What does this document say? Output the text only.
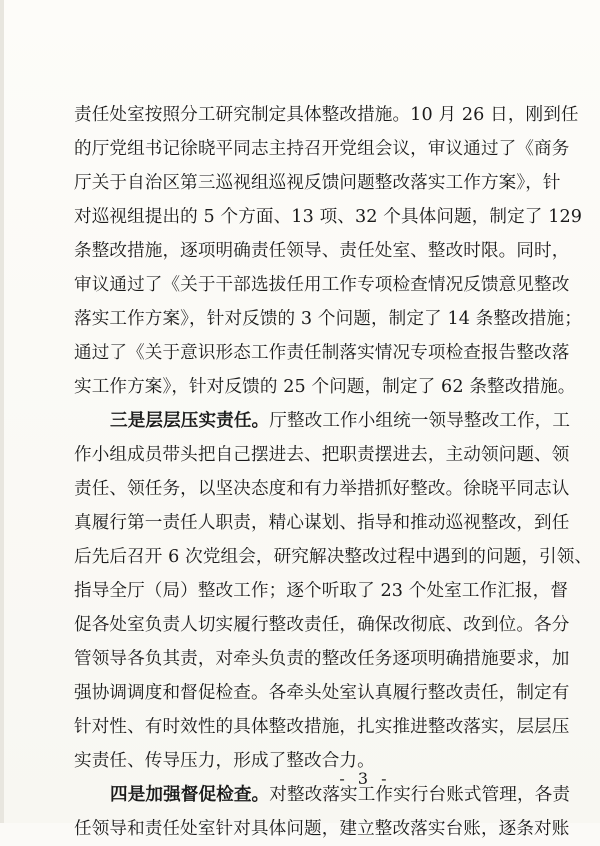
责任处室按照分工研究制定具体整改措施。10 月 26 日，刚到任
的厅党组书记徐晓平同志主持召开党组会议，审议通过了《商务
厅关于自治区第三巡视组巡视反馈问题整改落实工作方案》，针
对巡视组提出的 5 个方面、13 项、32 个具体问题，制定了 129
条整改措施，逐项明确责任领导、责任处室、整改时限。同时，
审议通过了《关于干部选拔任用工作专项检查情况反馈意见整改
落实工作方案》，针对反馈的 3 个问题，制定了 14 条整改措施；
通过了《关于意识形态工作责任制落实情况专项检查报告整改落
实工作方案》，针对反馈的 25 个问题，制定了 62 条整改措施。
三是层层压实责任。厅整改工作小组统一领导整改工作，工
作小组成员带头把自己摆进去、把职责摆进去，主动领问题、领
责任、领任务，以坚决态度和有力举措抓好整改。徐晓平同志认
真履行第一责任人职责，精心谋划、指导和推动巡视整改，到任
后先后召开 6 次党组会，研究解决整改过程中遇到的问题，引领、
指导全厅（局）整改工作；逐个听取了 23 个处室工作汇报，督
促各处室负责人切实履行整改责任，确保改彻底、改到位。各分
管领导各负其责，对牵头负责的整改任务逐项明确措施要求，加
强协调调度和督促检查。各牵头处室认真履行整改责任，制定有
针对性、有时效性的具体整改措施，扎实推进整改落实，层层压
实责任、传导压力，形成了整改合力。
四是加强督促检查。对整改落实工作实行台账式管理，各责
任领导和责任处室针对具体问题，建立整改落实台账，逐条对账
- 3 -
